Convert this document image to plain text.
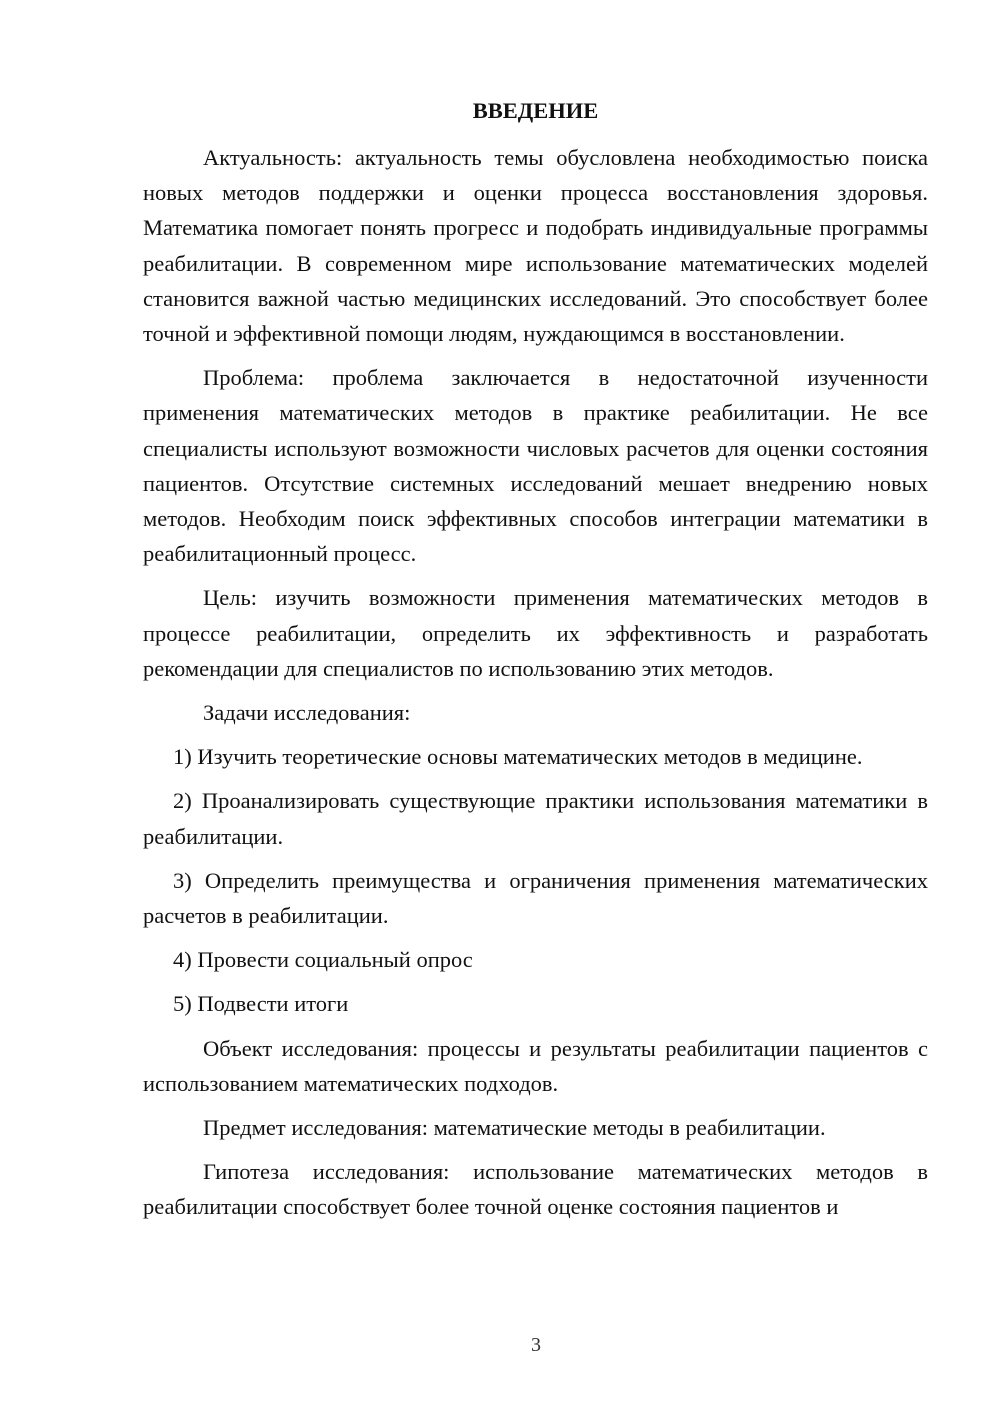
ВВЕДЕНИЕ

Актуальность: актуальность темы обусловлена необходимостью поиска новых методов поддержки и оценки процесса восстановления здоровья. Математика помогает понять прогресс и подобрать индивидуальные программы реабилитации. В современном мире использование математических моделей становится важной частью медицинских исследований. Это способствует более точной и эффективной помощи людям, нуждающимся в восстановлении.

Проблема: проблема заключается в недостаточной изученности применения математических методов в практике реабилитации. Не все специалисты используют возможности числовых расчетов для оценки состояния пациентов. Отсутствие системных исследований мешает внедрению новых методов. Необходим поиск эффективных способов интеграции математики в реабилитационный процесс.

Цель: изучить возможности применения математических методов в процессе реабилитации, определить их эффективность и разработать рекомендации для специалистов по использованию этих методов.

Задачи исследования:

1) Изучить теоретические основы математических методов в медицине.

2) Проанализировать существующие практики использования математики в реабилитации.

3) Определить преимущества и ограничения применения математических расчетов в реабилитации.

4) Провести социальный опрос

5) Подвести итоги

Объект исследования: процессы и результаты реабилитации пациентов с использованием математических подходов.

Предмет исследования: математические методы в реабилитации.

Гипотеза исследования: использование математических методов в реабилитации способствует более точной оценке состояния пациентов и

3
